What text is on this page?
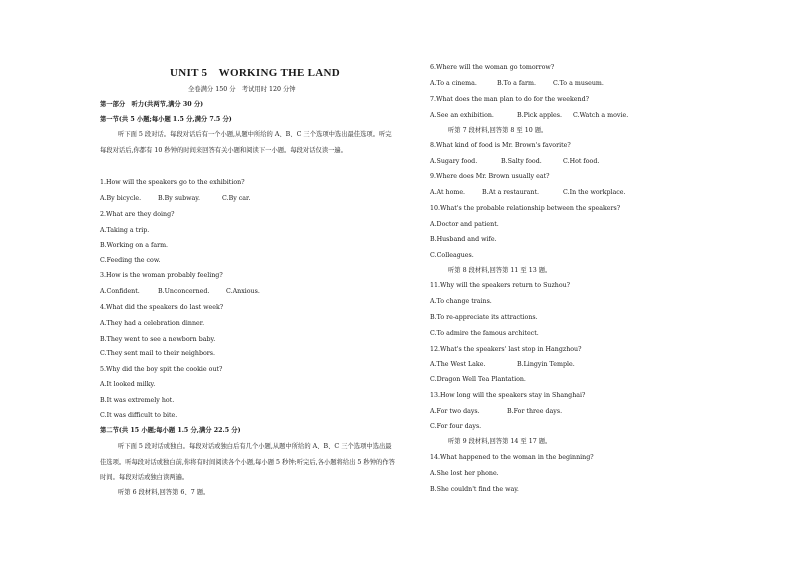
UNIT 5　WORKING THE LAND
全卷满分 150 分　考试用时 120 分钟
第一部分　听力(共两节,满分 30 分)
第一节(共 5 小题;每小题 1.5 分,满分 7.5 分)
听下面 5 段对话。每段对话后有一个小题,从题中所给的 A、B、C 三个选项中选出最佳选项。听完每段对话后,你都有 10 秒钟的时间来回答有关小题和阅读下一小题。每段对话仅读一遍。
1.How will the speakers go to the exhibition?
A.By bicycle.	B.By subway.	C.By car.
2.What are they doing?
A.Taking a trip.
B.Working on a farm.
C.Feeding the cow.
3.How is the woman probably feeling?
A.Confident.	B.Unconcerned.	C.Anxious.
4.What did the speakers do last week?
A.They had a celebration dinner.
B.They went to see a newborn baby.
C.They sent mail to their neighbors.
5.Why did the boy spit the cookie out?
A.It looked milky.
B.It was extremely hot.
C.It was difficult to bite.
第二节(共 15 小题;每小题 1.5 分,满分 22.5 分)
听下面 5 段对话或独白。每段对话或独白后有几个小题,从题中所给的 A、B、C 三个选项中选出最佳选项。听每段对话或独白前,你将有时间阅读各个小题,每小题 5 秒钟;听完后,各小题将给出 5 秒钟的作答时间。每段对话或独白读两遍。
听第 6 段材料,回答第 6、7 题。
6.Where will the woman go tomorrow?
A.To a cinema.	B.To a farm.	C.To a museum.
7.What does the man plan to do for the weekend?
A.See an exhibition.	B.Pick apples. C.Watch a movie.
听第 7 段材料,回答第 8 至 10 题。
8.What kind of food is Mr. Brown's favorite?
A.Sugary food.	B.Salty food.	C.Hot food.
9.Where does Mr. Brown usually eat?
A.At home.	B.At a restaurant.	C.In the workplace.
10.What's the probable relationship between the speakers?
A.Doctor and patient.
B.Husband and wife.
C.Colleagues.
听第 8 段材料,回答第 11 至 13 题。
11.Why will the speakers return to Suzhou?
A.To change trains.
B.To re-appreciate its attractions.
C.To admire the famous architect.
12.What's the speakers' last stop in Hangzhou?
A.The West Lake.	B.Lingyin Temple.
C.Dragon Well Tea Plantation.
13.How long will the speakers stay in Shanghai?
A.For two days.	B.For three days.
C.For four days.
听第 9 段材料,回答第 14 至 17 题。
14.What happened to the woman in the beginning?
A.She lost her phone.
B.She couldn't find the way.
